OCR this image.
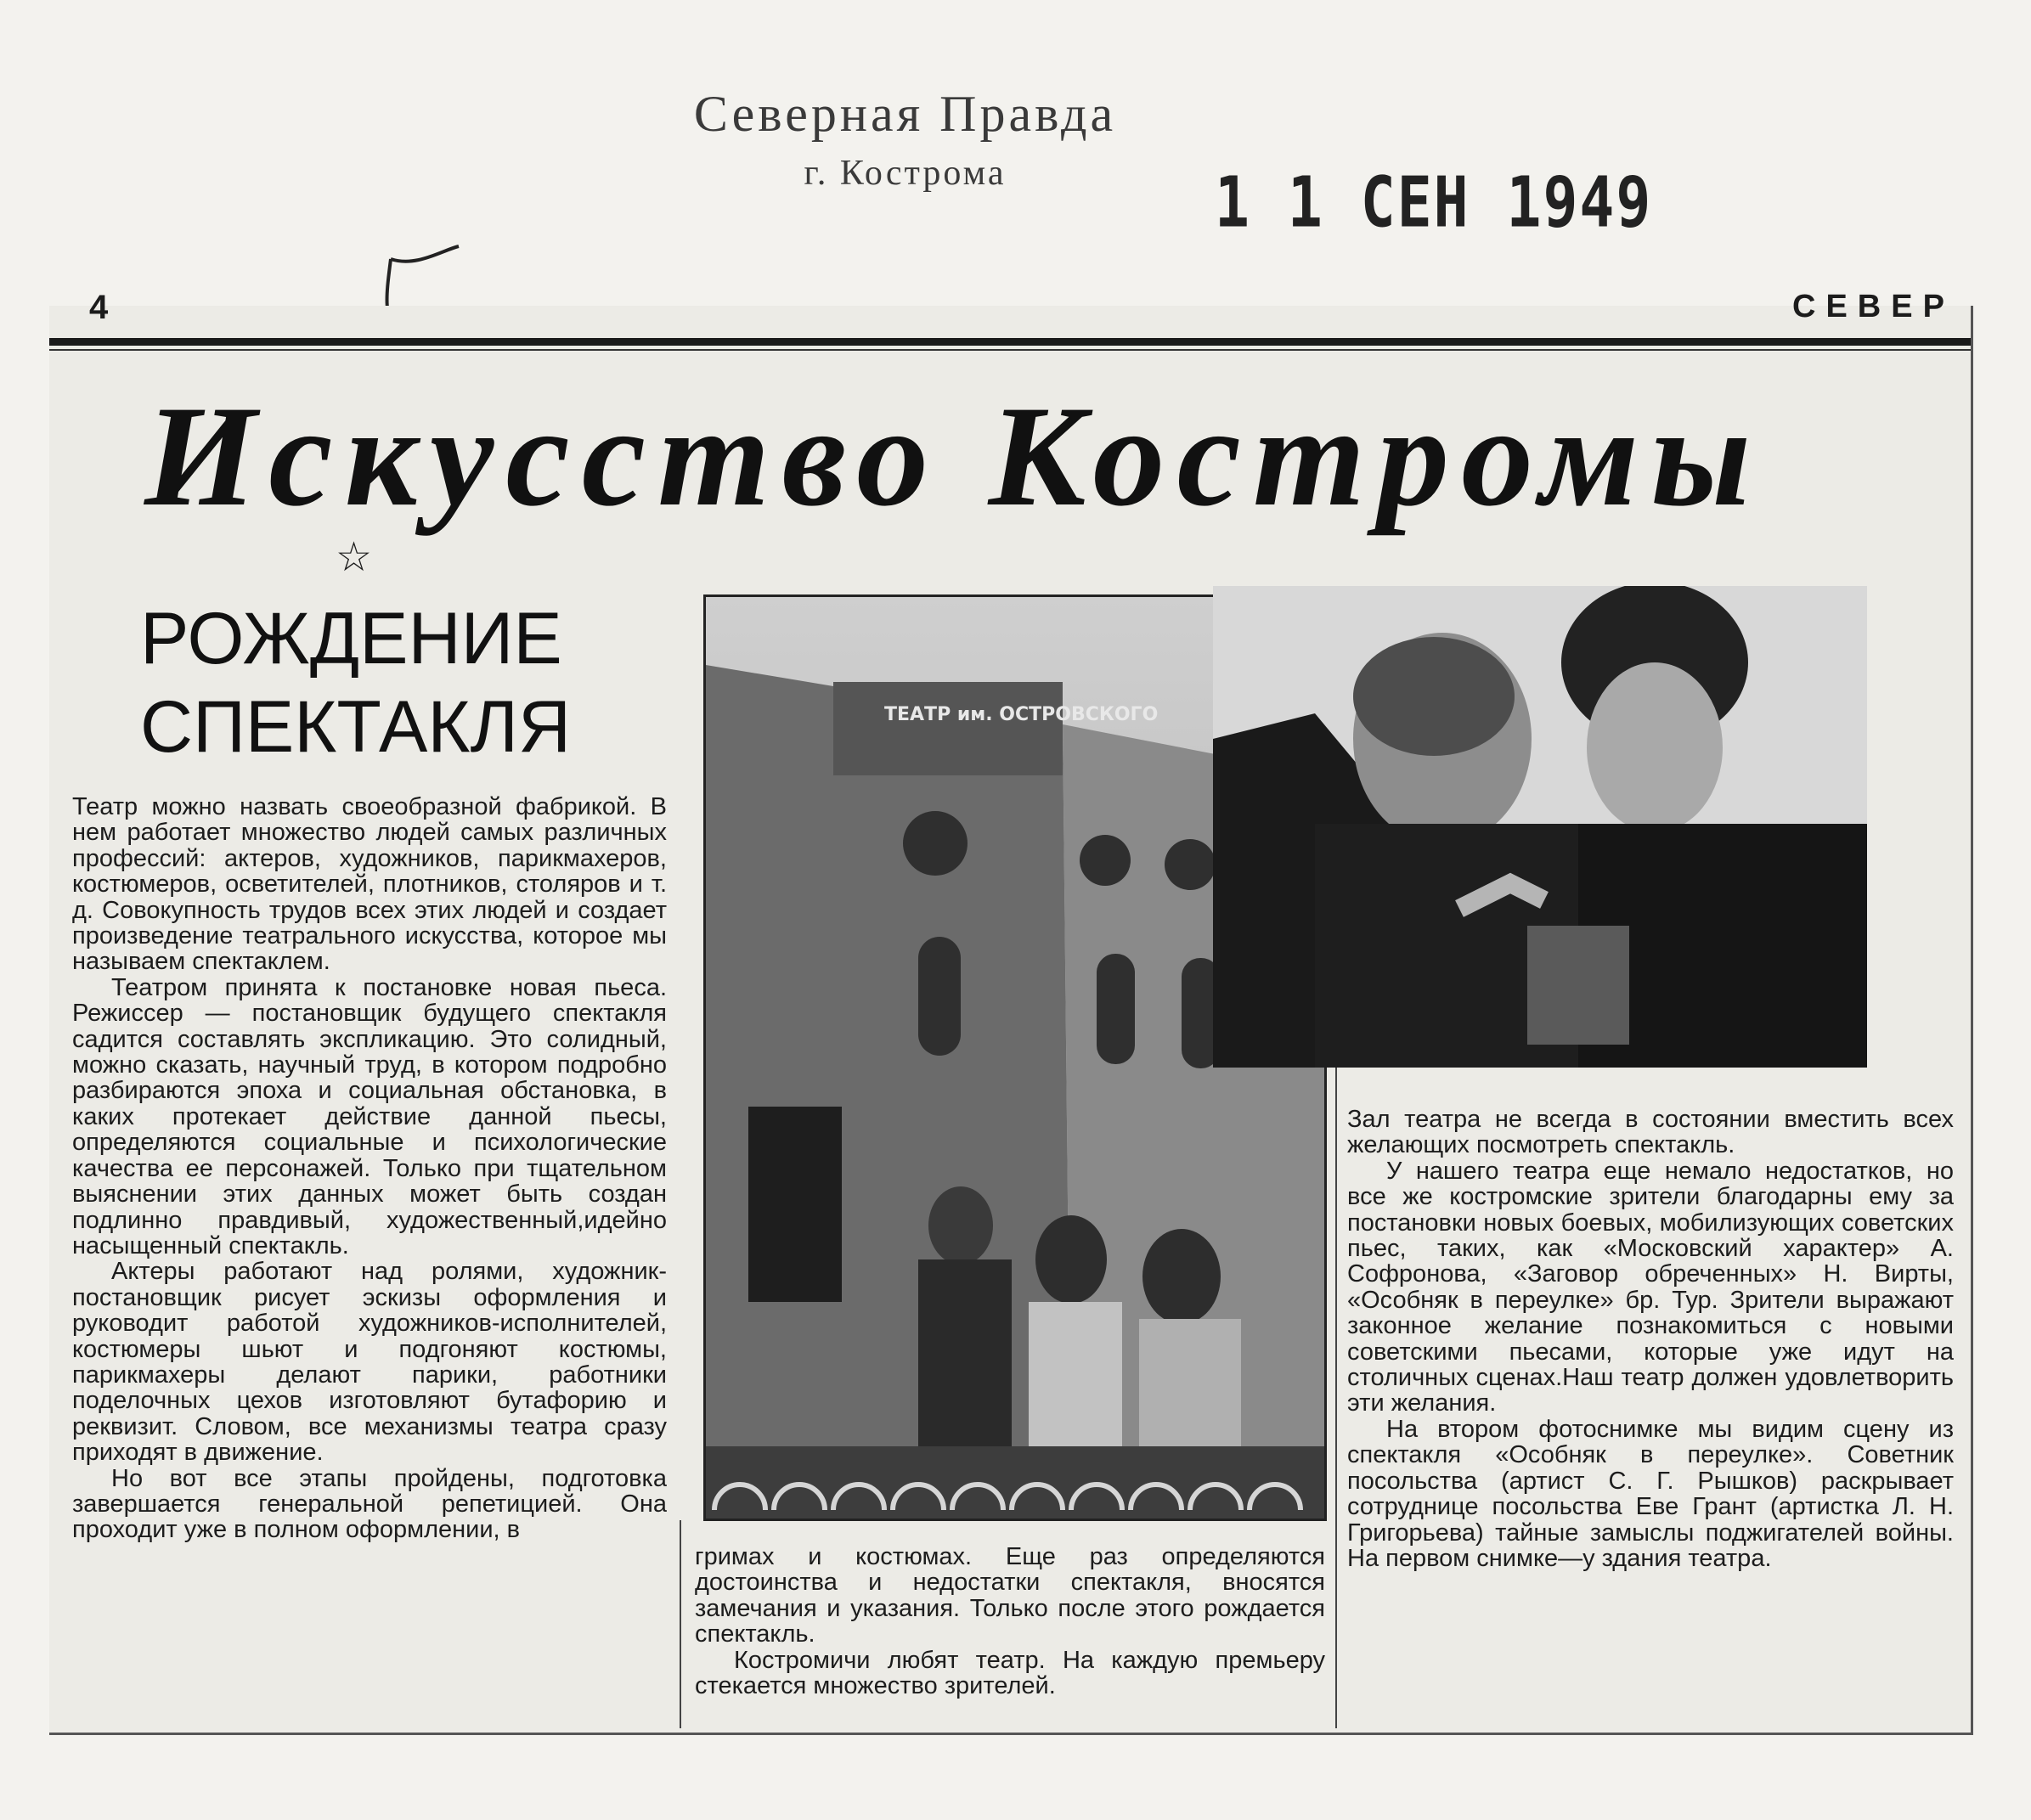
Северная Правда
г. Кострома	1 1 СЕН 1949
4	СЕВЕР
Искусство Костромы
☆
РОЖДЕНИЕ
СПЕКТАКЛЯ

Театр можно назвать своеобразной фабрикой. В нем работает множество людей самых различных профессий: актеров, художников, парикмахеров, костюмеров, осветителей, плотников, столяров и т. д. Совокупность трудов всех этих людей и создает произведение театрального искусства, которое мы называем спектаклем.

Театром принята к постановке новая пьеса. Режиссер — постановщик будущего спектакля садится составлять экспликацию. Это солидный, можно сказать, научный труд, в котором подробно разбираются эпоха и социальная обстановка, в каких протекает действие данной пьесы, определяются социальные и психологические качества ее персонажей. Только при тщательном выяснении этих данных может быть создан подлинно правдивый, художественный,идейно насыщенный спектакль.

Актеры работают над ролями, художник-постановщик рисует эскизы оформления и руководит работой художников-исполнителей, костюмеры шьют и подгоняют костюмы, парикмахеры делают парики, работники поделочных цехов изготовляют бутафорию и реквизит. Словом, все механизмы театра сразу приходят в движение.

Но вот все этапы пройдены, подготовка завершается генеральной репетицией. Она проходит уже в полном оформлении, в

ТЕАТР им. ОСТРОВСКОГО

гримах и костюмах. Еще раз определяются достоинства и недостатки спектакля, вносятся замечания и указания. Только после этого рождается спектакль.

Костромичи любят театр. На каждую премьеру стекается множество зрителей.

Зал театра не всегда в состоянии вместить всех желающих посмотреть спектакль.

У нашего театра еще немало недостатков, но все же костромские зрители благодарны ему за постановки новых боевых, мобилизующих советских пьес, таких, как «Московский характер» А. Софронова, «Заговор обреченных» Н. Вирты, «Особняк в переулке» бр. Тур. Зрители выражают законное желание познакомиться с новыми советскими пьесами, которые уже идут на столичных сценах.Наш театр должен удовлетворить эти желания.

На втором фотоснимке мы видим сцену из спектакля «Особняк в переулке». Советник посольства (артист С. Г. Рышков) раскрывает сотруднице посольства Еве Грант (артистка Л. Н. Григорьева) тайные замыслы поджигателей войны. На первом снимке—у здания театра.
